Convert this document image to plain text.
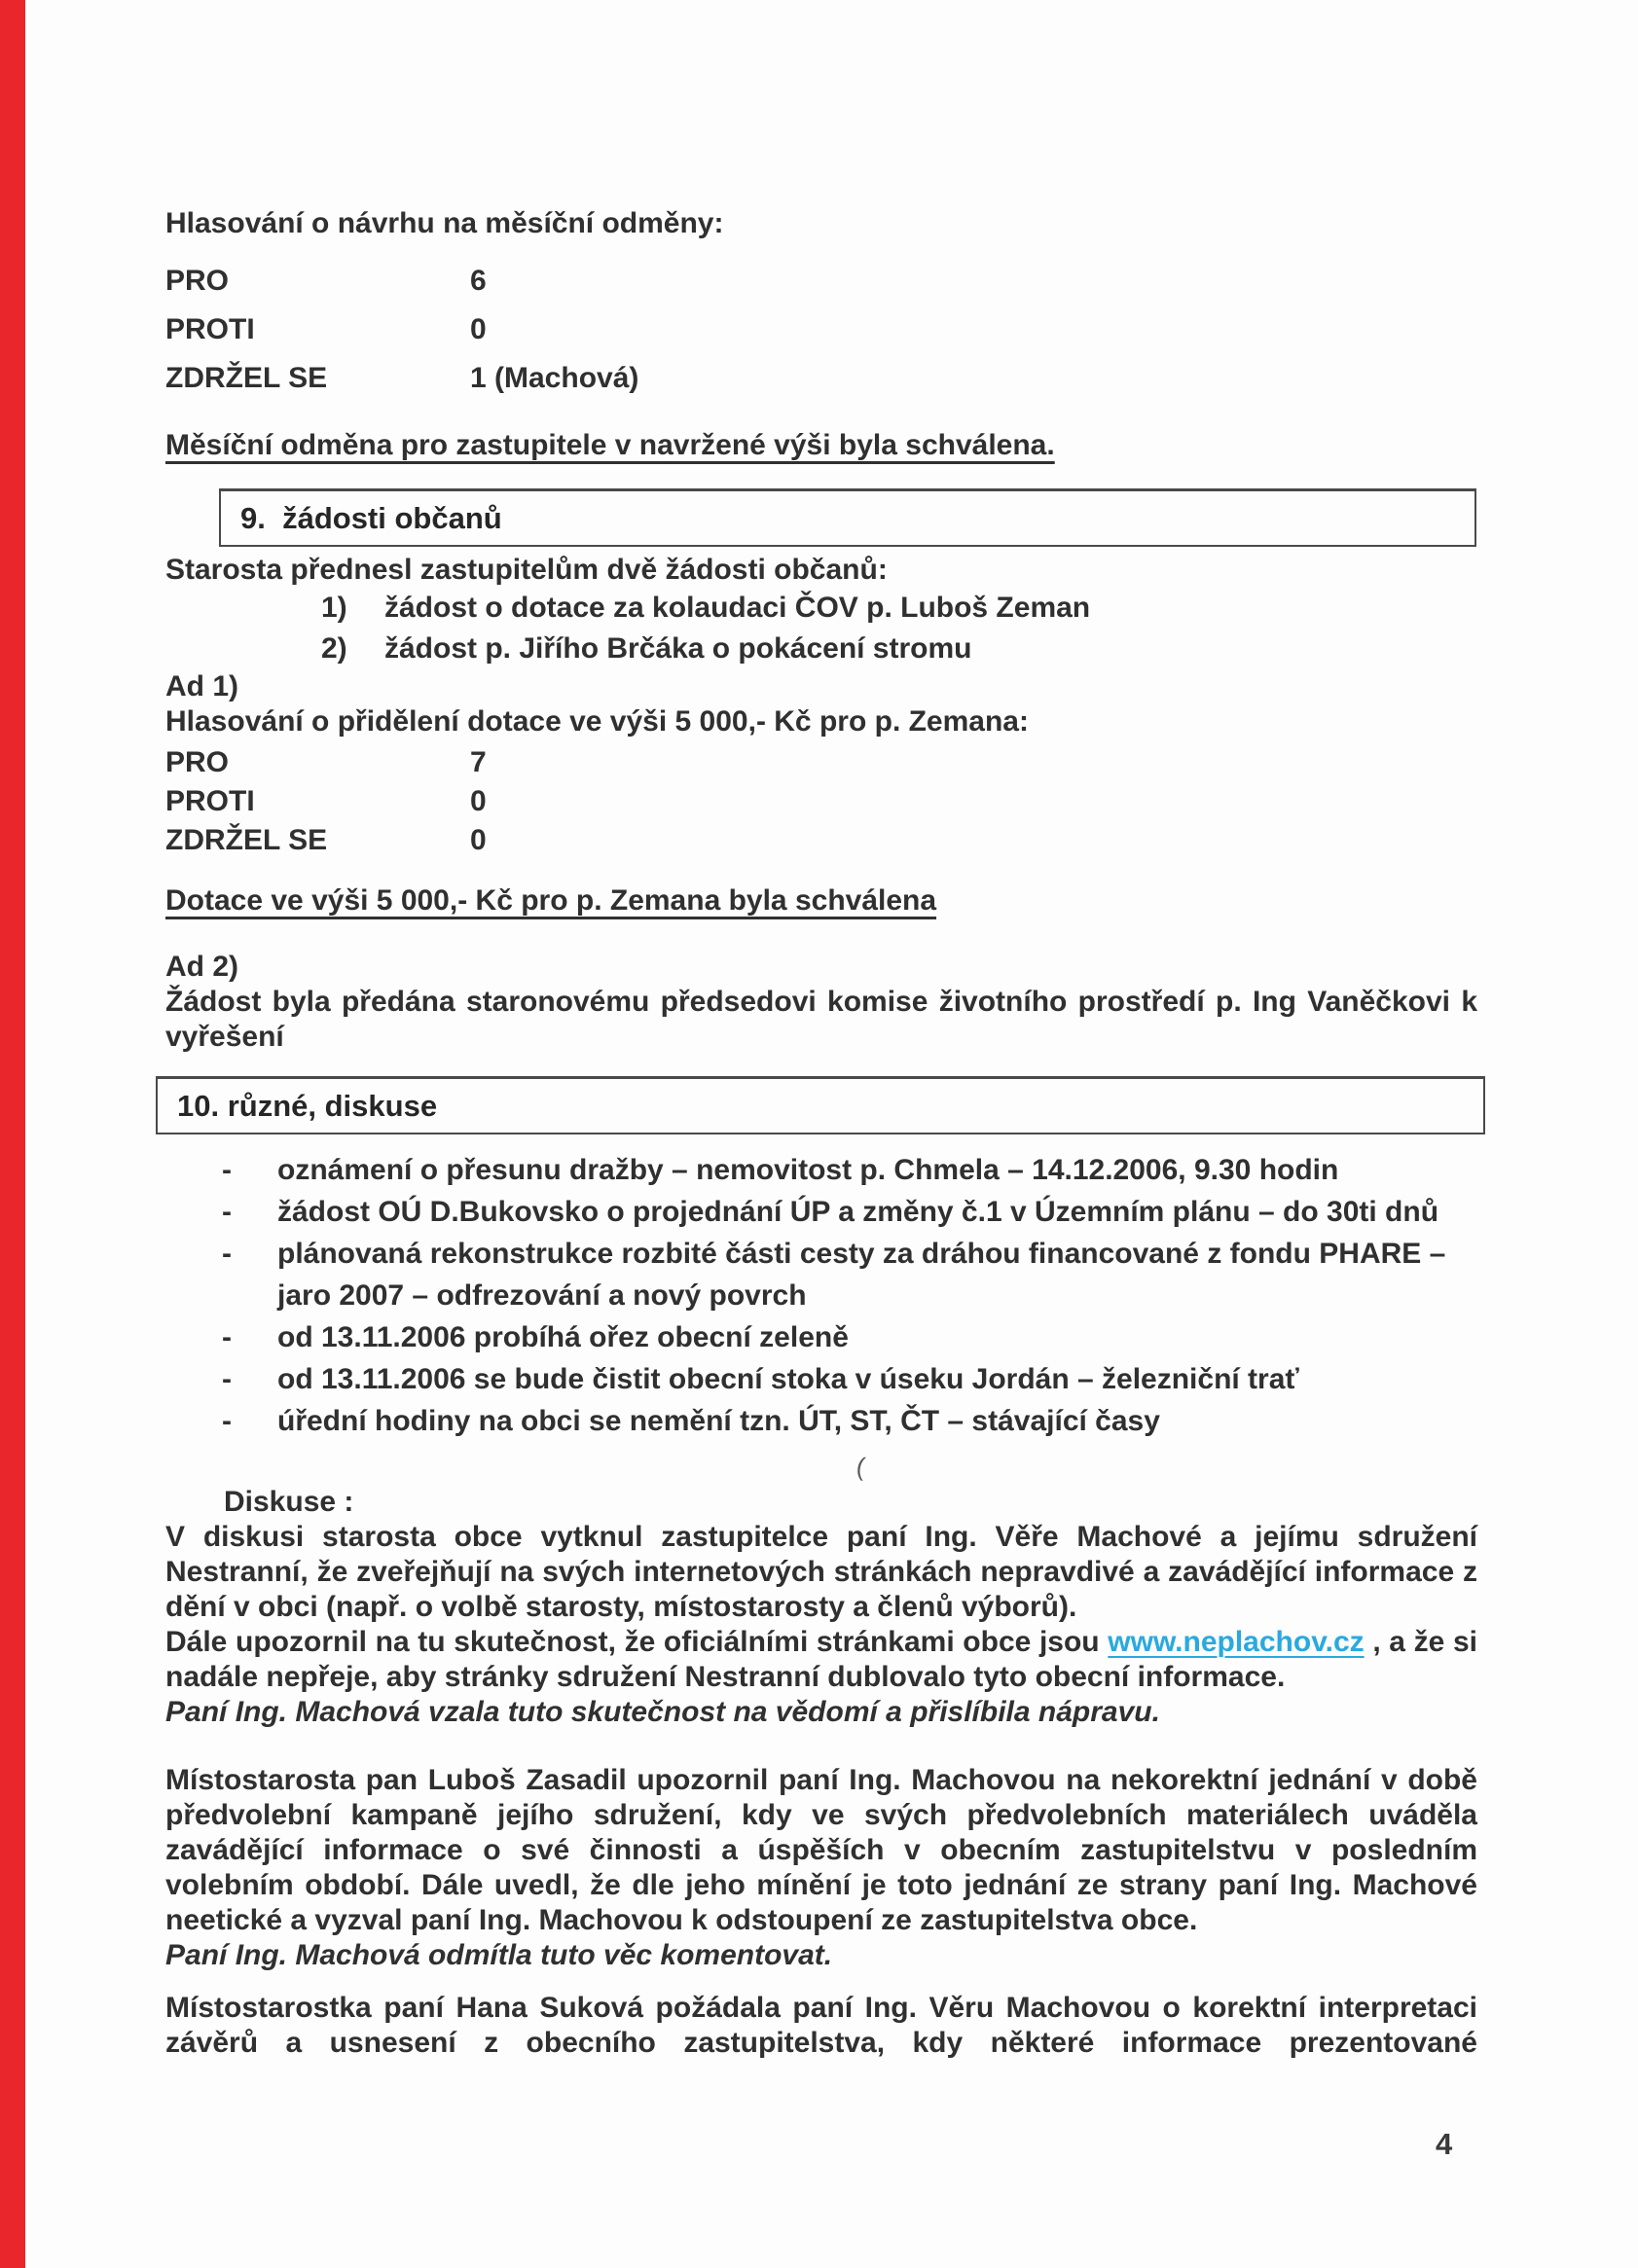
Hlasování o návrhu na měsíční odměny:
PRO	6
PROTI	0
ZDRŽEL SE	1 (Machová)
Měsíční odměna pro zastupitele v navržené výši byla schválena.
9.  žádosti občanů
Starosta přednesl zastupitelům dvě žádosti občanů:
1) žádost o dotace za kolaudaci ČOV p. Luboš Zeman
2) žádost p. Jiřího Brčáka o pokácení stromu
Ad 1)
Hlasování o přidělení dotace ve výši 5 000,- Kč pro p. Zemana:
PRO	7
PROTI	0
ZDRŽEL SE	0
Dotace ve výši 5 000,- Kč pro p. Zemana byla schválena
Ad 2)
Žádost byla předána staronovému předsedovi komise životního prostředí p. Ing Vaněčkovi k vyřešení
10. různé, diskuse
- oznámení o přesunu dražby – nemovitost p. Chmela – 14.12.2006, 9.30 hodin
- žádost OÚ D.Bukovsko o projednání ÚP a změny č.1 v Územním plánu – do 30ti dnů
- plánovaná rekonstrukce rozbité části cesty za dráhou financované z fondu PHARE – jaro 2007 – odfrezování a nový povrch
- od 13.11.2006 probíhá ořez obecní zeleně
- od 13.11.2006 se bude čistit obecní stoka v úseku Jordán – železniční trať
- úřední hodiny na obci se nemění tzn. ÚT, ST, ČT – stávající časy
Diskuse :
V diskusi starosta obce vytknul zastupitelce paní Ing. Věře Machové a jejímu sdružení Nestranní, že zveřejňují na svých internetových stránkách nepravdivé a zavádějící informace z dění v obci (např. o volbě starosty, místostarosty a členů výborů).
Dále upozornil na tu skutečnost, že oficiálními stránkami obce jsou www.neplachov.cz , a že si nadále nepřeje, aby stránky sdružení Nestranní dublovalo tyto obecní informace.
Paní Ing. Machová vzala tuto skutečnost na vědomí a přislíbila nápravu.
Místostarosta pan Luboš Zasadil upozornil paní Ing. Machovou na nekorektní jednání v době předvolební kampaně jejího sdružení, kdy ve svých předvolebních materiálech uváděla zavádějící informace o své činnosti a úspěších v obecním zastupitelstvu v posledním volebním období. Dále uvedl, že dle jeho mínění je toto jednání ze strany paní Ing. Machové neetické a vyzval paní Ing. Machovou k odstoupení ze zastupitelstva obce.
Paní Ing. Machová odmítla tuto věc komentovat.
Místostarostka paní Hana Suková požádala paní Ing. Věru Machovou o korektní interpretaci závěrů a usnesení z obecního zastupitelstva, kdy některé informace prezentované
(
4
